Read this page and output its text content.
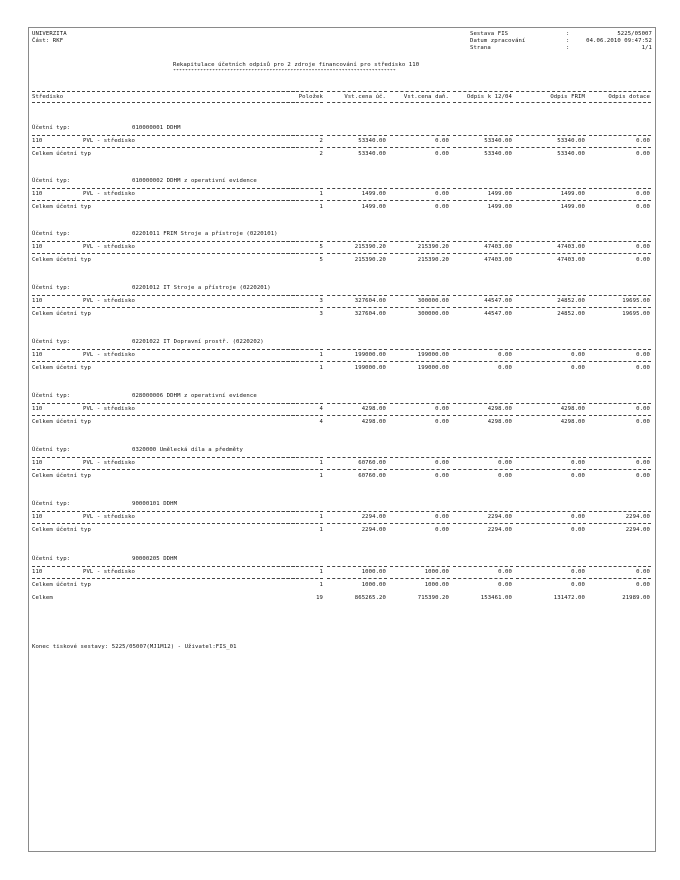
UNIVERZITA
Část: RKF
Sestava FIS	:	5225/05007
Datum zpracování	:	04.06.2010 09:47:52
Strana	:	1/1
Rekapitulace účetních odpisů pro 2 zdroje financování pro středisko 110
**************************************************************************
Středisko	Položek	Vst.cena úč.	Vst.cena daň.	Odpis k 12/04	Odpis FRIM	Odpis dotace
Účetní typ:	010000001 DDHM
110	PVL - středisko	2	53340.00	0.00	53340.00	53340.00	0.00
Celkem účetní typ	2	53340.00	0.00	53340.00	53340.00	0.00
Účetní typ:	010000002 DDHM z operativní evidence
110	PVL - středisko	1	1499.00	0.00	1499.00	1499.00	0.00
Celkem účetní typ	1	1499.00	0.00	1499.00	1499.00	0.00
Účetní typ:	02201011 FRIM Stroje a přístroje (0220101)
110	PVL - středisko	5	215390.20	215390.20	47403.00	47403.00	0.00
Celkem účetní typ	5	215390.20	215390.20	47403.00	47403.00	0.00
Účetní typ:	02201012 IT Stroje a přístroje (0220201)
110	PVL - středisko	3	327604.00	300000.00	44547.00	24852.00	19695.00
Celkem účetní typ	3	327604.00	300000.00	44547.00	24852.00	19695.00
Účetní typ:	02201022 IT Dopravní prostř. (0220202)
110	PVL - středisko	1	199000.00	199000.00	0.00	0.00	0.00
Celkem účetní typ	1	199000.00	199000.00	0.00	0.00	0.00
Účetní typ:	028000006 DDHM z operativní evidence
110	PVL - středisko	4	4298.00	0.00	4298.00	4298.00	0.00
Celkem účetní typ	4	4298.00	0.00	4298.00	4298.00	0.00
Účetní typ:	0320000 Umělecká díla a předměty
110	PVL - středisko	1	60760.00	0.00	0.00	0.00	0.00
Celkem účetní typ	1	60760.00	0.00	0.00	0.00	0.00
Účetní typ:	90000101 DDHM
110	PVL - středisko	1	2294.00	0.00	2294.00	0.00	2294.00
Celkem účetní typ	1	2294.00	0.00	2294.00	0.00	2294.00
Účetní typ:	90000205 DDHM
110	PVL - středisko	1	1000.00	1000.00	0.00	0.00	0.00
Celkem účetní typ	1	1000.00	1000.00	0.00	0.00	0.00
Celkem	19	865265.20	715390.20	153461.00	131472.00	21989.00
Konec tiskové sestavy: 5225/05007(MJ1M12) - Uživatel:FIS_01
